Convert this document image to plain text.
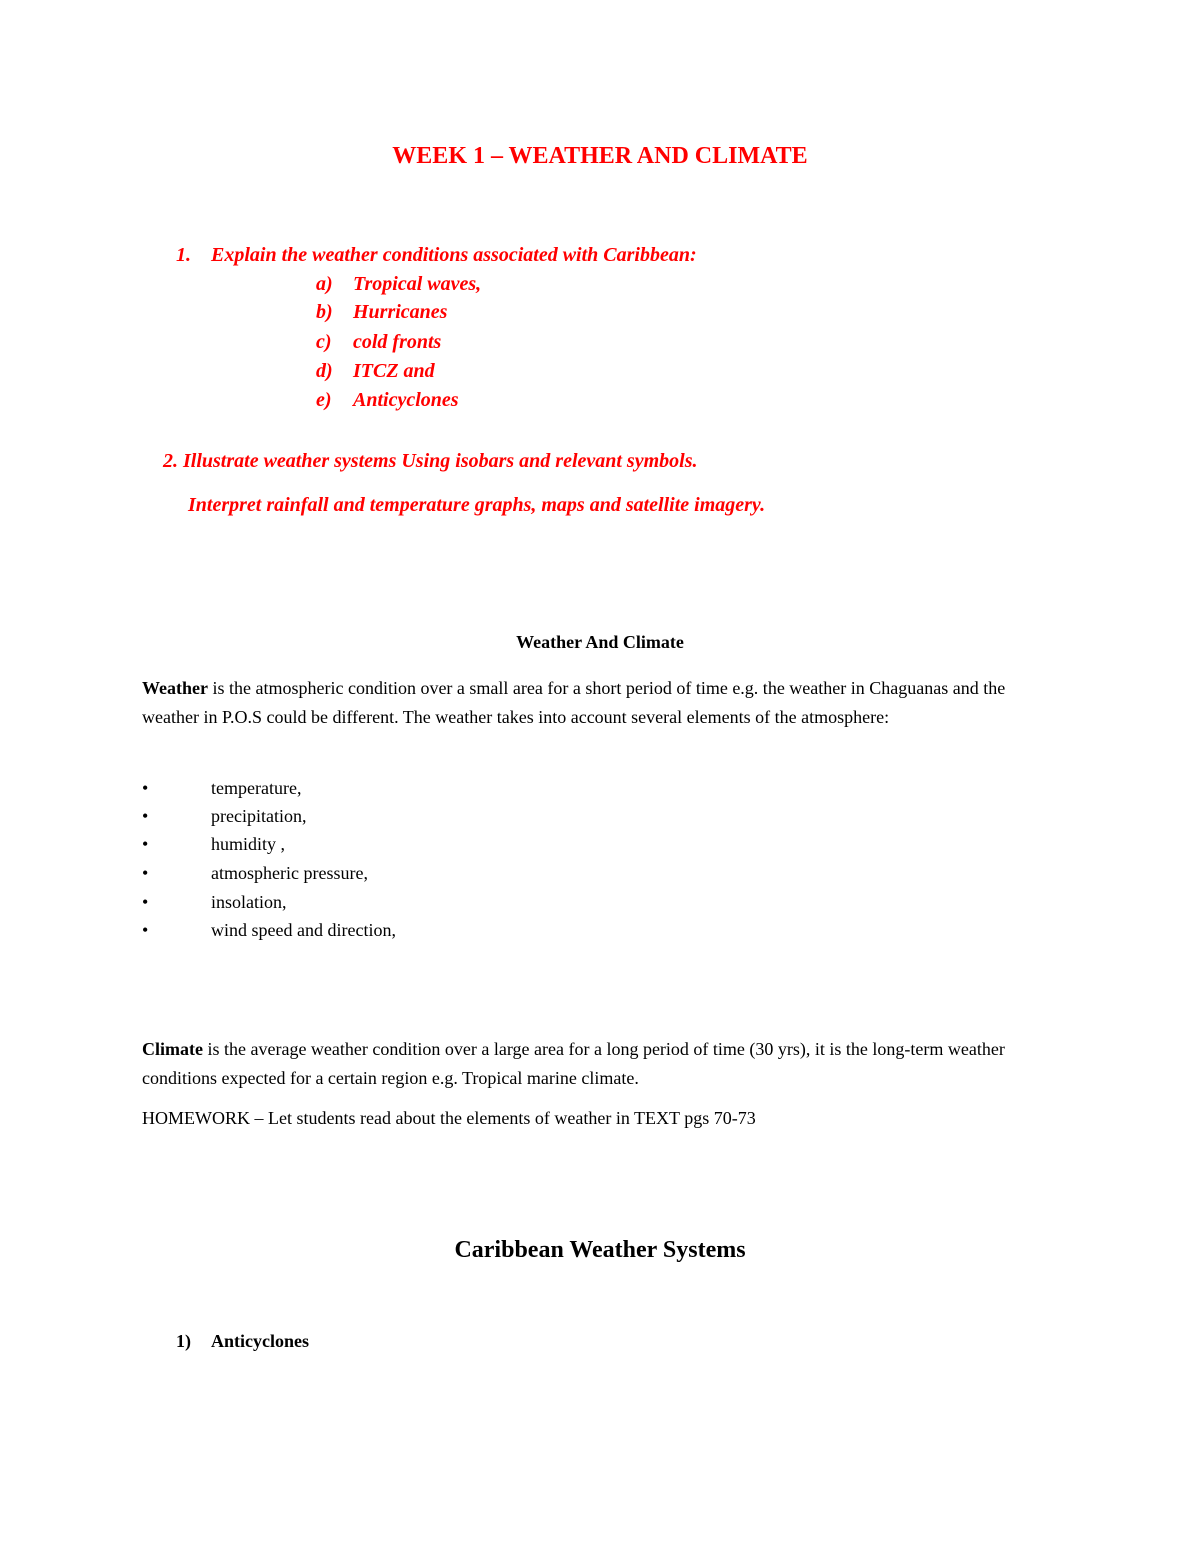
WEEK 1 – WEATHER AND CLIMATE
1. Explain the weather conditions associated with Caribbean:
a) Tropical waves,
b) Hurricanes
c) cold fronts
d) ITCZ and
e) Anticyclones
2. Illustrate weather systems Using isobars and relevant symbols.
Interpret rainfall and temperature graphs, maps and satellite imagery.
Weather And Climate
Weather is the atmospheric condition over a small area for a short period of time e.g. the weather in Chaguanas and the weather in P.O.S could be different. The weather takes into account several elements of the atmosphere:
•	temperature,
•	precipitation,
•	humidity ,
•	atmospheric pressure,
•	insolation,
•	wind speed and direction,
Climate is the average weather condition over a large area for a long period of time (30 yrs), it is the long-term weather conditions expected for a certain region e.g. Tropical marine climate.
HOMEWORK – Let students read about the elements of weather in TEXT pgs 70-73
Caribbean Weather Systems
1) Anticyclones
